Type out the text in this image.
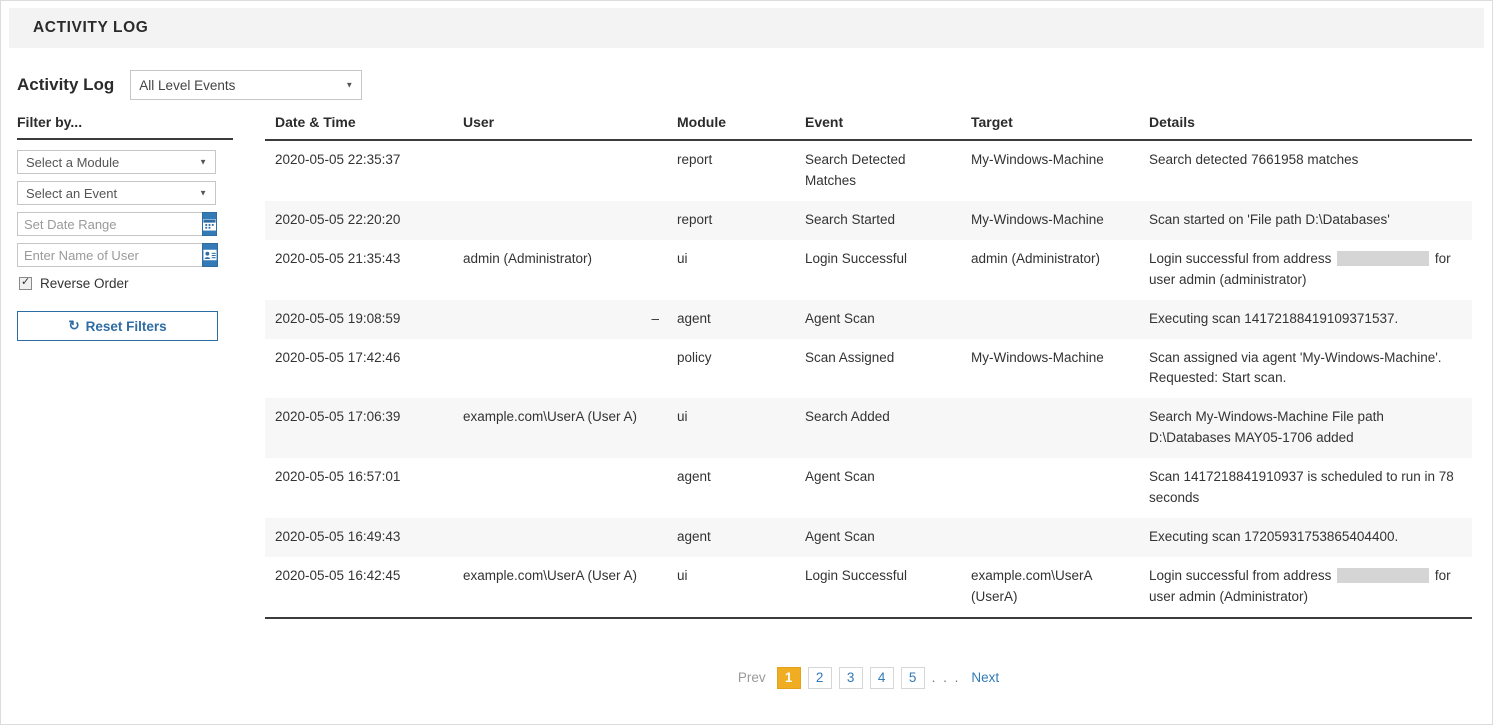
ACTIVITY LOG
Activity Log All Level Events	▼
Filter by...
Select a Module	▼
Select an Event	▼
Set Date Range
Enter Name of User
✓
Reverse Order
↻ Reset Filters
Date & Time	User	Module	Event	Target	Details
2020-05-05 22:35:37		report	Search Detected Matches	My-Windows-Machine	Search detected 7661958 matches
2020-05-05 22:20:20		report	Search Started	My-Windows-Machine	Scan started on 'File path D:\Databases'
2020-05-05 21:35:43	admin (Administrator)	ui	Login Successful	admin (Administrator)	Login successful from address for user admin (administrator)
2020-05-05 19:08:59	–	agent	Agent Scan		Executing scan 14172188419109371537.
2020-05-05 17:42:46		policy	Scan Assigned	My-Windows-Machine	Scan assigned via agent 'My-Windows-Machine'. Requested: Start scan.
2020-05-05 17:06:39	example.com\UserA (User A)	ui	Search Added		Search My-Windows-Machine File path D:\Databases MAY05-1706 added
2020-05-05 16:57:01		agent	Agent Scan		Scan 1417218841910937 is scheduled to run in 78 seconds
2020-05-05 16:49:43		agent	Agent Scan		Executing scan 17205931753865404400.
2020-05-05 16:42:45	example.com\UserA (User A)	ui	Login Successful	example.com\UserA (UserA)	Login successful from address for user admin (Administrator)
Prev	1	2	3	4	5	. . . Next
